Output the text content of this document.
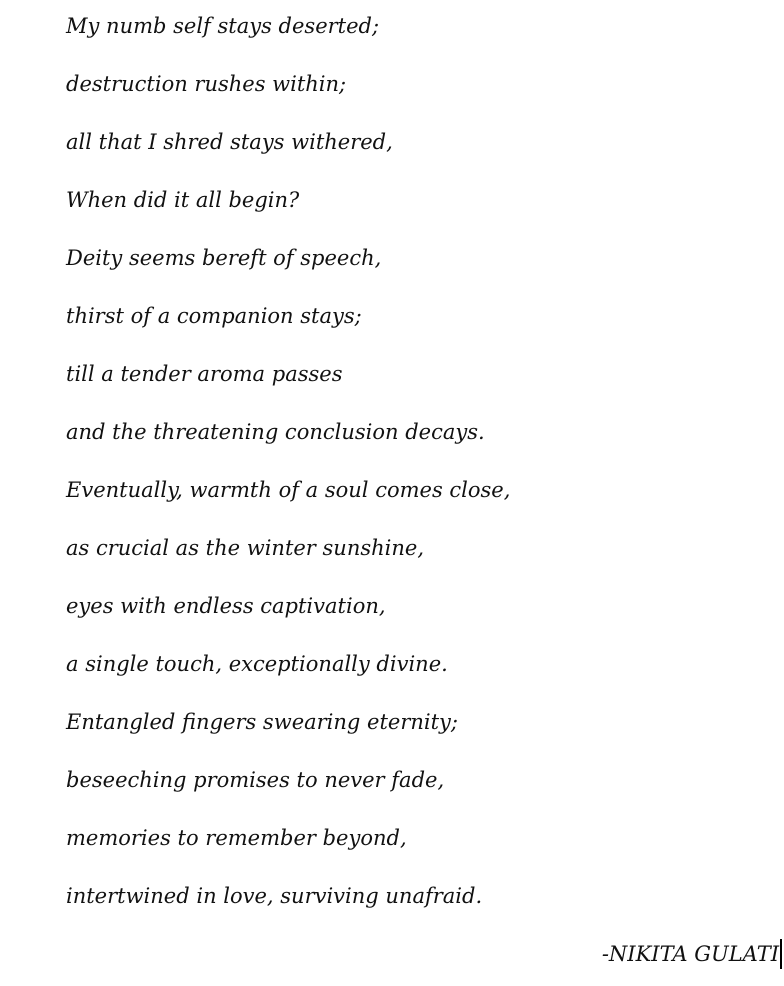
My numb self stays deserted;
destruction rushes within;
all that I shred stays withered,
When did it all begin?
Deity seems bereft of speech,
thirst of a companion stays;
till a tender aroma passes
and the threatening conclusion decays.
Eventually, warmth of a soul comes close,
as crucial as the winter sunshine,
eyes with endless captivation,
a single touch, exceptionally divine.
Entangled fingers swearing eternity;
beseeching promises to never fade,
memories to remember beyond,
intertwined in love, surviving unafraid.
-NIKITA GULATI
